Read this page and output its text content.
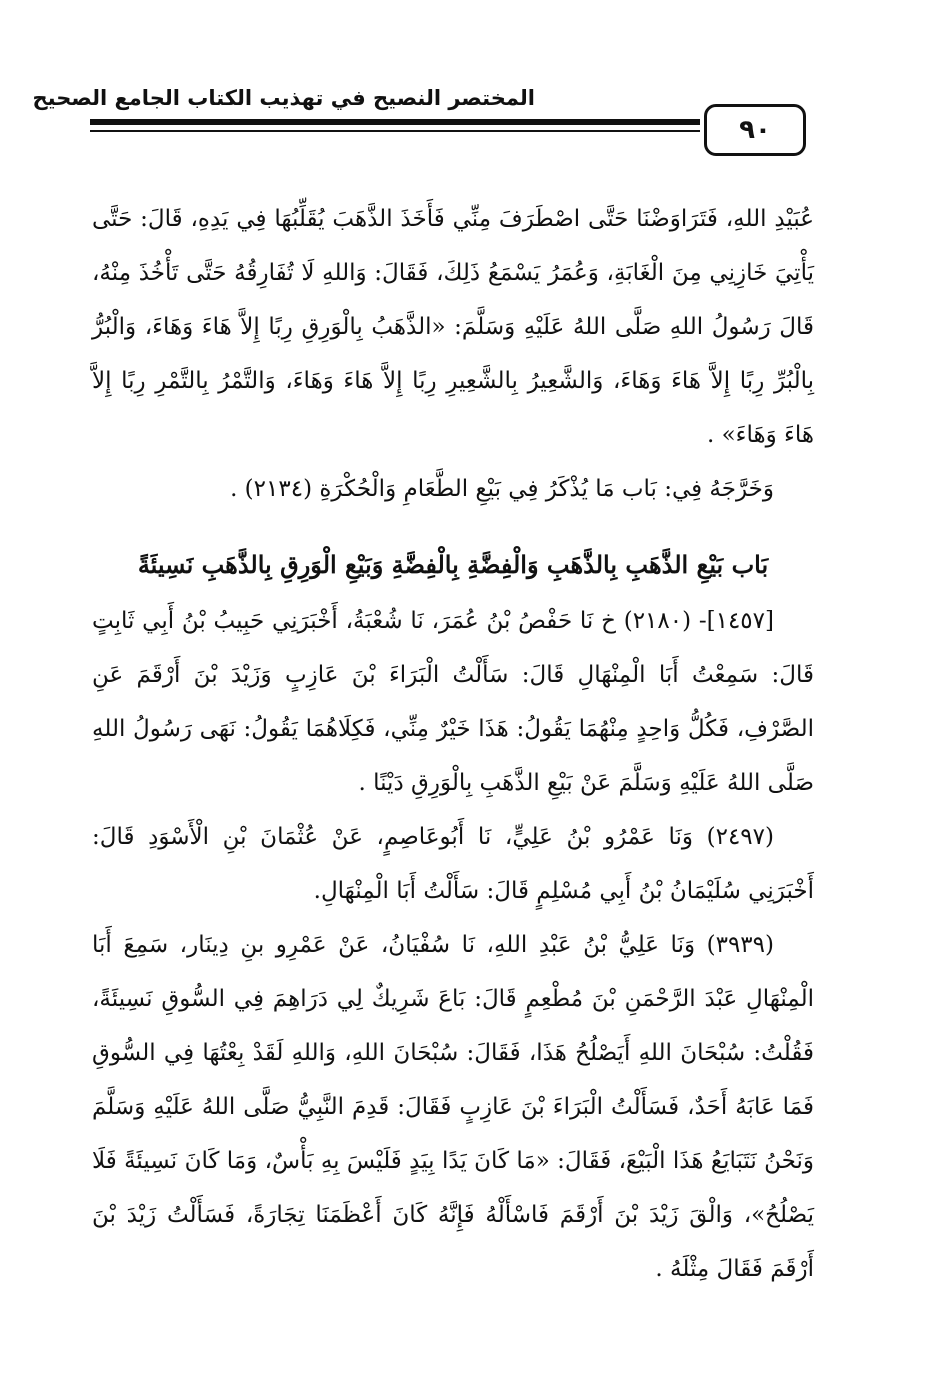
المختصر النصيح في تهذيب الكتاب الجامع الصحيح
٩٠

عُبَيْدِ اللهِ، فَتَرَاوَضْنَا حَتَّى اصْطَرَفَ مِنِّي فَأَخَذَ الذَّهَبَ يُقَلِّبُهَا فِي يَدِهِ، قَالَ: حَتَّى يَأْتِيَ خَازِنِي مِنَ الْغَابَةِ، وَعُمَرُ يَسْمَعُ ذَلِكَ، فَقَالَ: وَاللهِ لَا تُفَارِقُهُ حَتَّى تَأْخُذَ مِنْهُ، قَالَ رَسُولُ اللهِ صَلَّى اللهُ عَلَيْهِ وَسَلَّمَ: «الذَّهَبُ بِالْوَرِقِ رِبًا إِلاَّ هَاءَ وَهَاءَ، وَالْبُرُّ بِالْبُرِّ رِبًا إِلاَّ هَاءَ وَهَاءَ، وَالشَّعِيرُ بِالشَّعِيرِ رِبًا إِلاَّ هَاءَ وَهَاءَ، وَالتَّمْرُ بِالتَّمْرِ رِبًا إِلاَّ هَاءَ وَهَاءَ» .

وَخَرَّجَهُ فِي: بَاب مَا يُذْكَرُ فِي بَيْعِ الطَّعَامِ وَالْحُكْرَةِ (٢١٣٤) .

بَاب بَيْعِ الذَّهَبِ بِالذَّهَبِ وَالْفِضَّةِ بِالْفِضَّةِ وَبَيْعِ الْوَرِقِ بِالذَّهَبِ نَسِيئَةً

[١٤٥٧]- (٢١٨٠) خ نَا حَفْصُ بْنُ عُمَرَ، نَا شُعْبَةُ، أَخْبَرَنِي حَبِيبُ بْنُ أَبِي ثَابِتٍ قَالَ: سَمِعْتُ أَبَا الْمِنْهَالِ قَالَ: سَأَلْتُ الْبَرَاءَ بْنَ عَازِبٍ وَزَيْدَ بْنَ أَرْقَمَ عَنِ الصَّرْفِ، فَكُلُّ وَاحِدٍ مِنْهُمَا يَقُولُ: هَذَا خَيْرٌ مِنِّي، فَكِلَاهُمَا يَقُولُ: نَهَى رَسُولُ اللهِ صَلَّى اللهُ عَلَيْهِ وَسَلَّمَ عَنْ بَيْعِ الذَّهَبِ بِالْوَرِقِ دَيْنًا .

(٢٤٩٧) وَنَا عَمْرُو بْنُ عَلِيٍّ، نَا أَبُوعَاصِمٍ، عَنْ عُثْمَانَ بْنِ الْأَسْوَدِ قَالَ: أَخْبَرَنِي سُلَيْمَانُ بْنُ أَبِي مُسْلِمٍ قَالَ: سَأَلْتُ أَبَا الْمِنْهَالِ.

(٣٩٣٩) وَنَا عَلِيُّ بْنُ عَبْدِ اللهِ، نَا سُفْيَانُ، عَنْ عَمْرِو بنِ دِينَار، سَمِعَ أَبَا الْمِنْهَالِ عَبْدَ الرَّحْمَنِ بْنَ مُطْعِمٍ قَالَ: بَاعَ شَرِيكٌ لِي دَرَاهِمَ فِي السُّوقِ نَسِيئَةً، فَقُلْتُ: سُبْحَانَ اللهِ أَيَصْلُحُ هَذَا، فَقَالَ: سُبْحَانَ اللهِ، وَاللهِ لَقَدْ بِعْتُهَا فِي السُّوقِ فَمَا عَابَهُ أَحَدٌ، فَسَأَلْتُ الْبَرَاءَ بْنَ عَازِبٍ فَقَالَ: قَدِمَ النَّبِيُّ صَلَّى اللهُ عَلَيْهِ وَسَلَّمَ وَنَحْنُ نَتَبَايَعُ هَذَا الْبَيْعَ، فَقَالَ: «مَا كَانَ يَدًا بِيَدٍ فَلَيْسَ بِهِ بَأْسٌ، وَمَا كَانَ نَسِيئَةً فَلَا يَصْلُحُ»، وَالْقَ زَيْدَ بْنَ أَرْقَمَ فَاسْأَلْهُ فَإِنَّهُ كَانَ أَعْظَمَنَا تِجَارَةً، فَسَأَلْتُ زَيْدَ بْنَ أَرْقَمَ فَقَالَ مِثْلَهُ .
